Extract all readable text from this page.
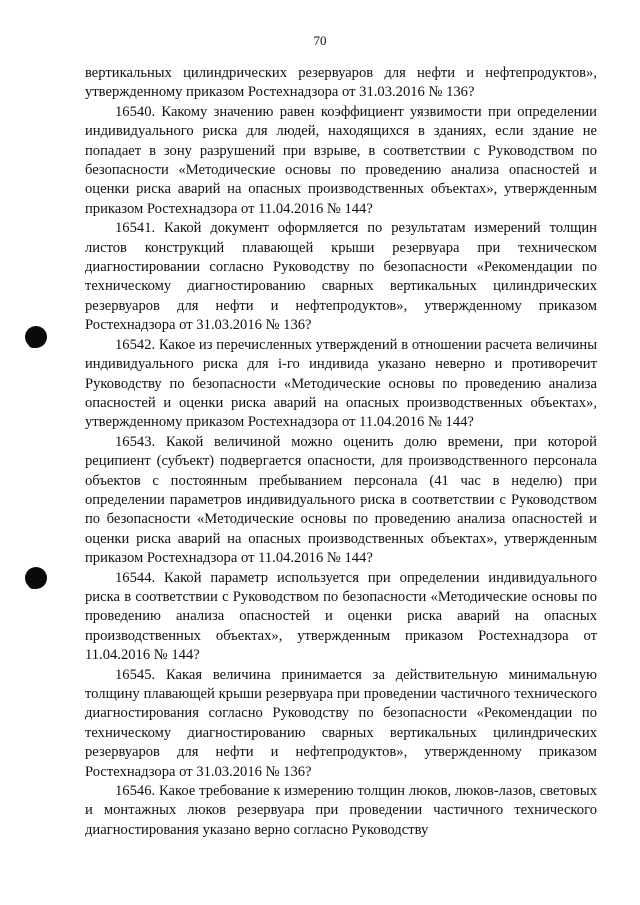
70

вертикальных цилиндрических резервуаров для нефти и нефтепродуктов», утвержденному приказом Ростехнадзора от 31.03.2016 № 136?

16540. Какому значению равен коэффициент уязвимости при определении индивидуального риска для людей, находящихся в зданиях, если здание не попадает в зону разрушений при взрыве, в соответствии с Руководством по безопасности «Методические основы по проведению анализа опасностей и оценки риска аварий на опасных производственных объектах», утвержденным приказом Ростехнадзора от 11.04.2016 № 144?

16541. Какой документ оформляется по результатам измерений толщин листов конструкций плавающей крыши резервуара при техническом диагностировании согласно Руководству по безопасности «Рекомендации по техническому диагностированию сварных вертикальных цилиндрических резервуаров для нефти и нефтепродуктов», утвержденному приказом Ростехнадзора от 31.03.2016 № 136?

16542. Какое из перечисленных утверждений в отношении расчета величины индивидуального риска для i-го индивида указано неверно и противоречит Руководству по безопасности «Методические основы по проведению анализа опасностей и оценки риска аварий на опасных производственных объектах», утвержденному приказом Ростехнадзора от 11.04.2016 № 144?

16543. Какой величиной можно оценить долю времени, при которой реципиент (субъект) подвергается опасности, для производственного персонала объектов с постоянным пребыванием персонала (41 час в неделю) при определении параметров индивидуального риска в соответствии с Руководством по безопасности «Методические основы по проведению анализа опасностей и оценки риска аварий на опасных производственных объектах», утвержденным приказом Ростехнадзора от 11.04.2016 № 144?

16544. Какой параметр используется при определении индивидуального риска в соответствии с Руководством по безопасности «Методические основы по проведению анализа опасностей и оценки риска аварий на опасных производственных объектах», утвержденным приказом Ростехнадзора от 11.04.2016 № 144?

16545. Какая величина принимается за действительную минимальную толщину плавающей крыши резервуара при проведении частичного технического диагностирования согласно Руководству по безопасности «Рекомендации по техническому диагностированию сварных вертикальных цилиндрических резервуаров для нефти и нефтепродуктов», утвержденному приказом Ростехнадзора от 31.03.2016 № 136?

16546. Какое требование к измерению толщин люков, люков-лазов, световых и монтажных люков резервуара при проведении частичного технического диагностирования указано верно согласно Руководству
